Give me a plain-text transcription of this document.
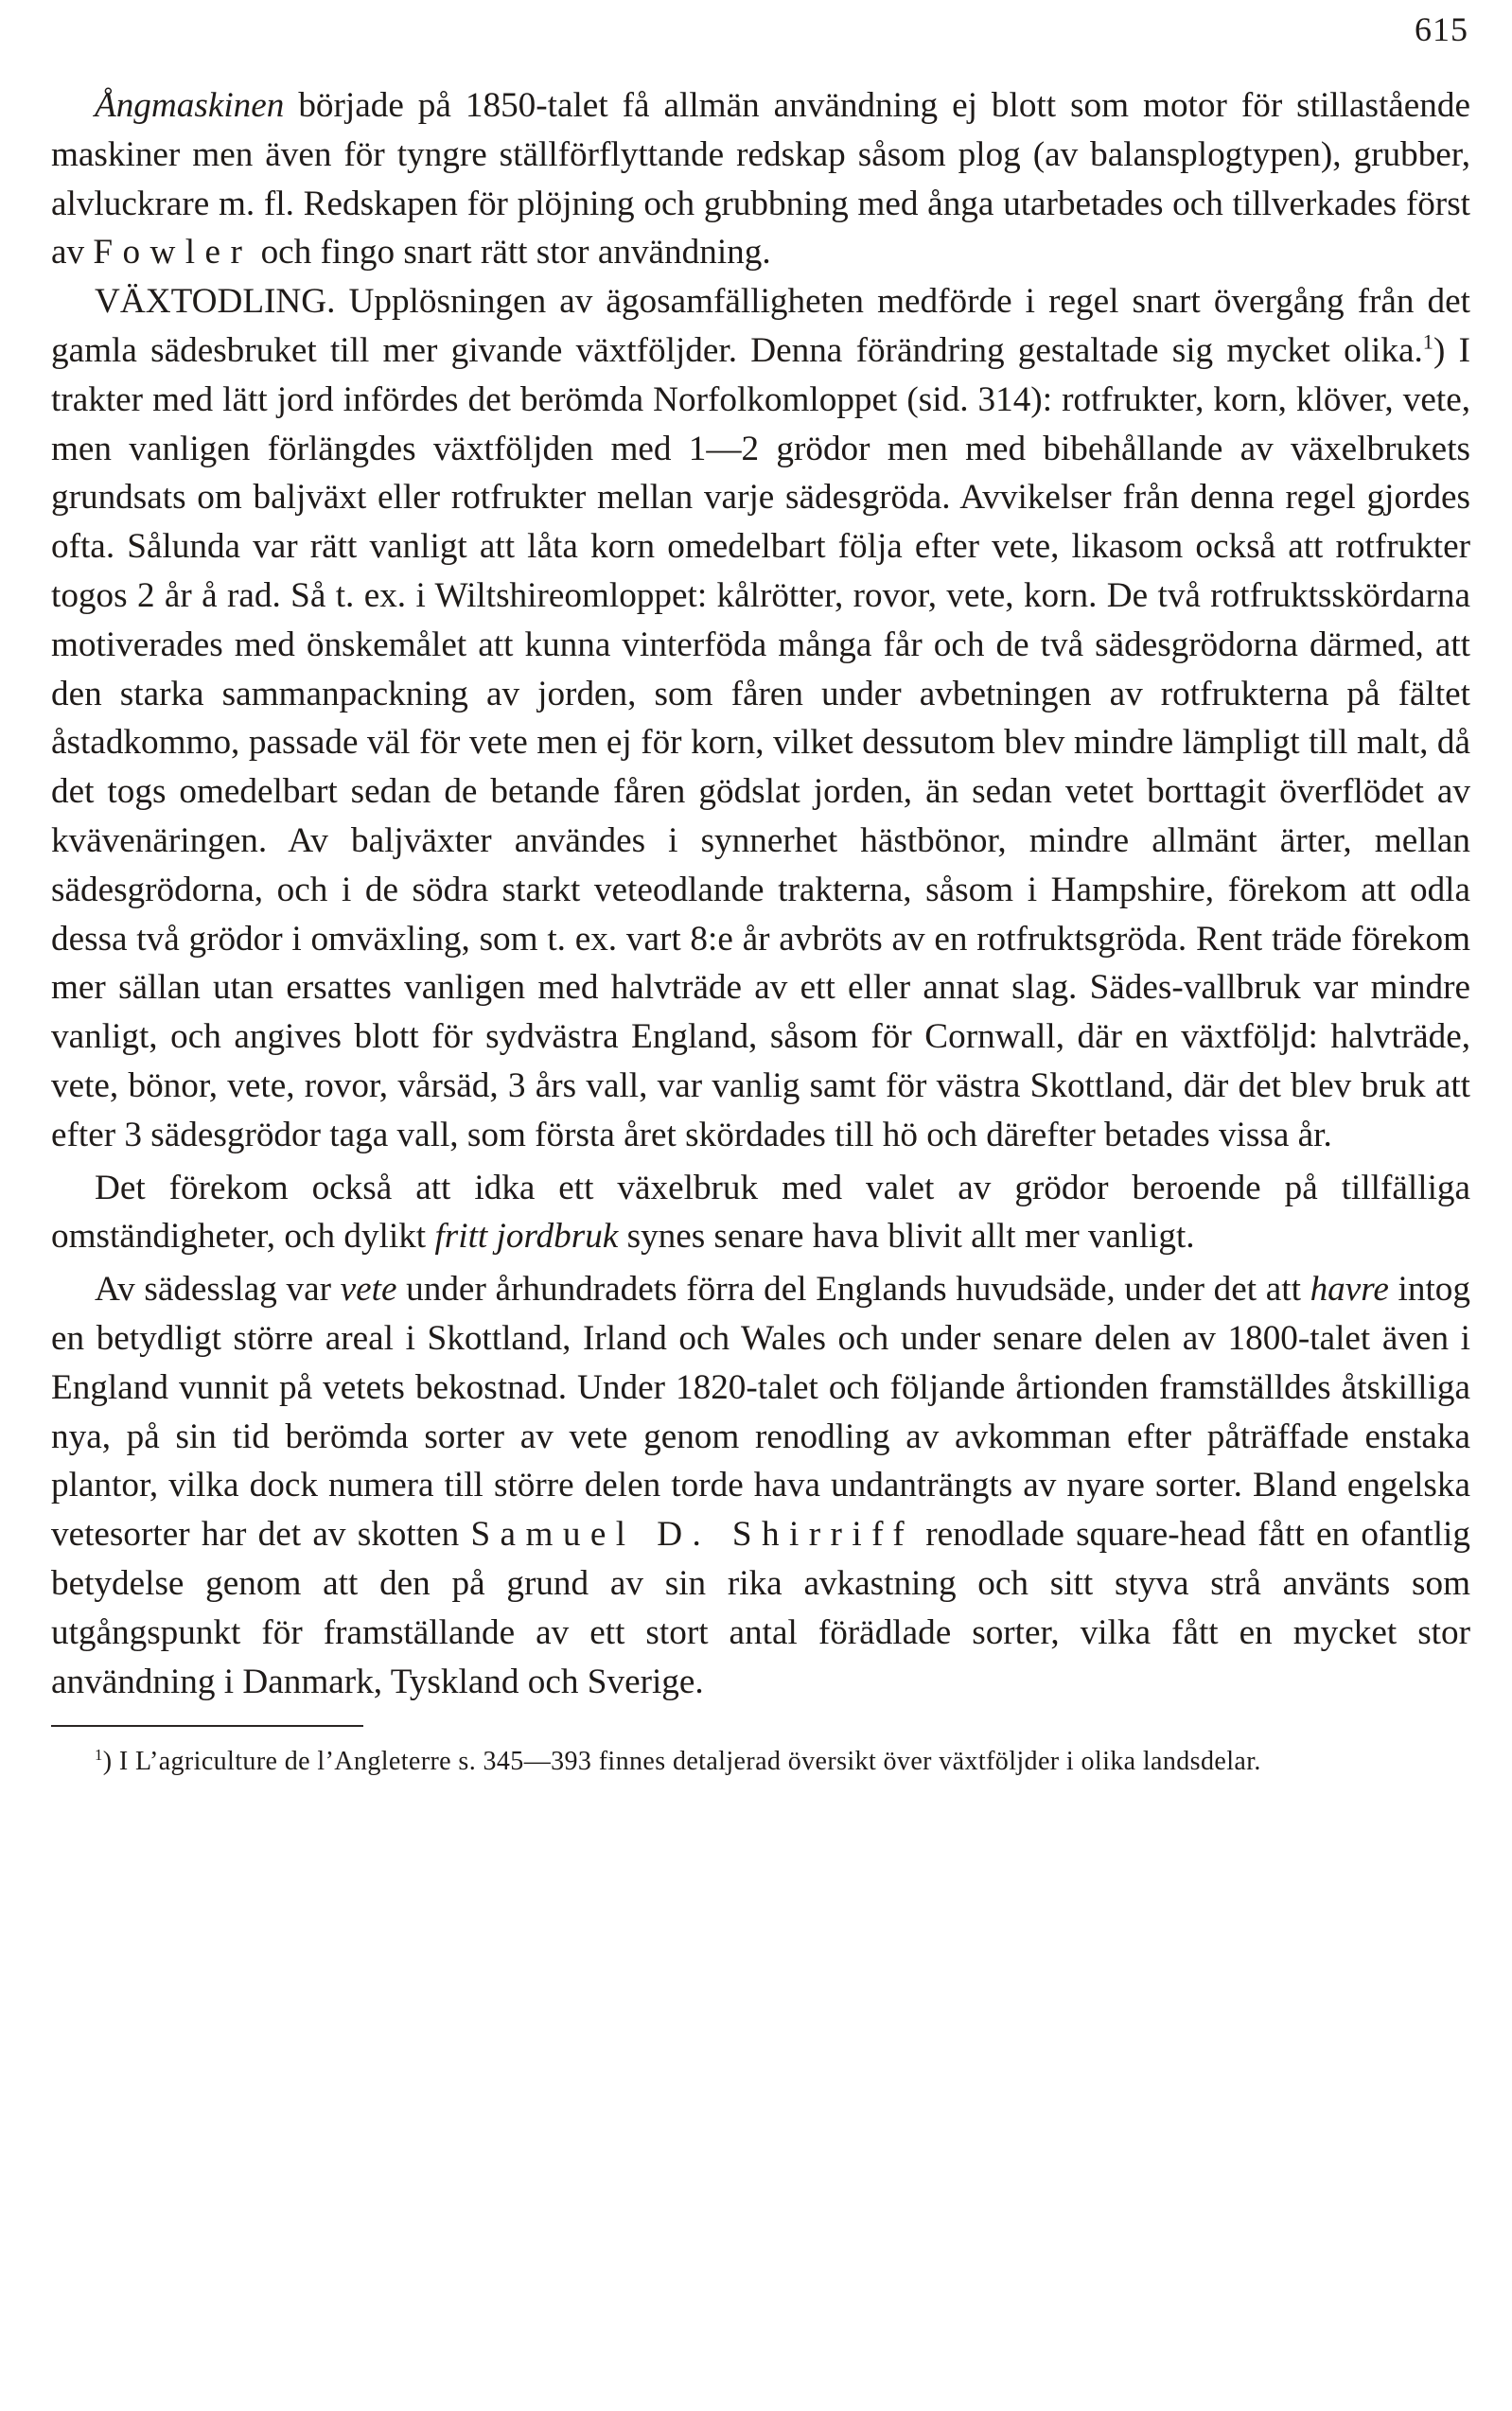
615

Ångmaskinen började på 1850-talet få allmän användning ej blott som motor för stillastående maskiner men även för tyngre ställförflyttande redskap såsom plog (av balansplogtypen), grubber, alvluckrare m. fl. Redskapen för plöjning och grubbning med ånga utarbetades och tillverkades först av Fowler och fingo snart rätt stor användning.

VÄXTODLING. Upplösningen av ägosamfälligheten medförde i regel snart övergång från det gamla sädesbruket till mer givande växtföljder. Denna förändring gestaltade sig mycket olika.$^1$) I trakter med lätt jord infördes det berömda Norfolkomloppet (sid. 314): rotfrukter, korn, klöver, vete, men vanligen förlängdes växtföljden med 1—2 grödor men med bibehållande av växelbrukets grundsats om baljväxt eller rotfrukter mellan varje sädesgröda. Avvikelser från denna regel gjordes ofta. Sålunda var rätt vanligt att låta korn omedelbart följa efter vete, likasom också att rotfrukter togos 2 år å rad. Så t. ex. i Wiltshireomloppet: kålrötter, rovor, vete, korn. De två rotfruktsskördarna motiverades med önskemålet att kunna vinterföda många får och de två sädesgrödorna därmed, att den starka sammanpackning av jorden, som fåren under avbetningen av rotfrukterna på fältet åstadkommo, passade väl för vete men ej för korn, vilket dessutom blev mindre lämpligt till malt, då det togs omedelbart sedan de betande fåren gödslat jorden, än sedan vetet borttagit överflödet av kvävenäringen. Av baljväxter användes i synnerhet hästbönor, mindre allmänt ärter, mellan sädesgrödorna, och i de södra starkt veteodlande trakterna, såsom i Hampshire, förekom att odla dessa två grödor i omväxling, som t. ex. vart 8:e år avbröts av en rotfruktsgröda. Rent träde förekom mer sällan utan ersattes vanligen med halvträde av ett eller annat slag. Sädes-vallbruk var mindre vanligt, och angives blott för sydvästra England, såsom för Cornwall, där en växtföljd: halvträde, vete, bönor, vete, rovor, vårsäd, 3 års vall, var vanlig samt för västra Skottland, där det blev bruk att efter 3 sädesgrödor taga vall, som första året skördades till hö och därefter betades vissa år.

Det förekom också att idka ett växelbruk med valet av grödor beroende på tillfälliga omständigheter, och dylikt fritt jordbruk synes senare hava blivit allt mer vanligt.

Av sädesslag var vete under århundradets förra del Englands huvudsäde, under det att havre intog en betydligt större areal i Skottland, Irland och Wales och under senare delen av 1800-talet även i England vunnit på vetets bekostnad. Under 1820-talet och följande årtionden framställdes åtskilliga nya, på sin tid berömda sorter av vete genom renodling av avkomman efter påträffade enstaka plantor, vilka dock numera till större delen torde hava undanträngts av nyare sorter. Bland engelska vetesorter har det av skotten Samuel D. Shirriff renodlade square-head fått en ofantlig betydelse genom att den på grund av sin rika avkastning och sitt styva strå använts som utgångspunkt för framställande av ett stort antal förädlade sorter, vilka fått en mycket stor användning i Danmark, Tyskland och Sverige.

$^1$) I L’agriculture de l’Angleterre s. 345—393 finnes detaljerad översikt över växtföljder i olika landsdelar.
